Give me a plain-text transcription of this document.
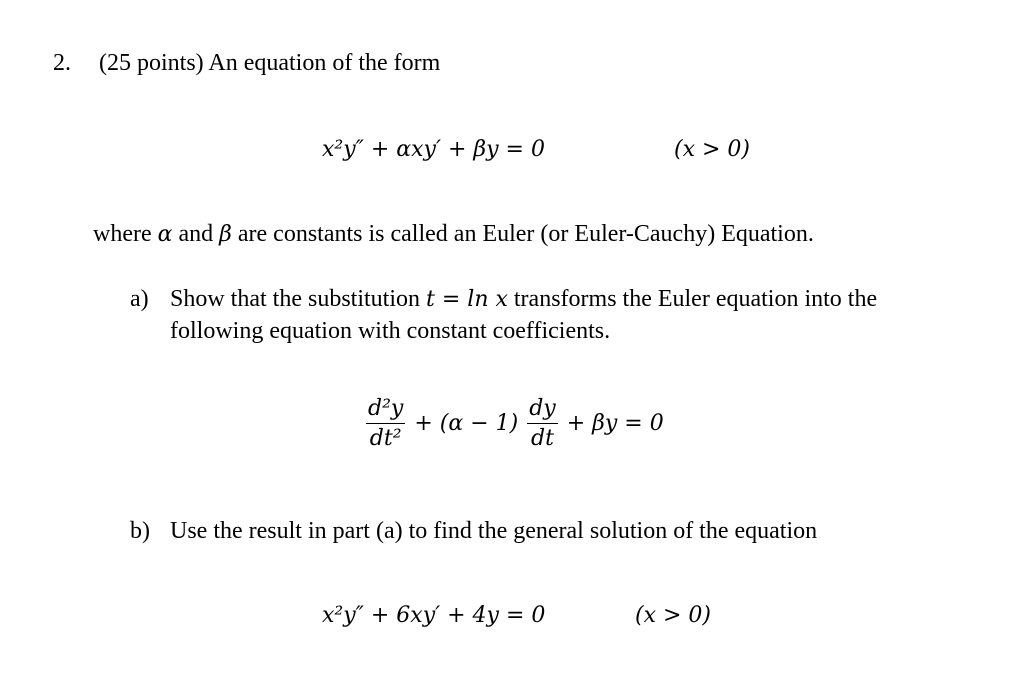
2. (25 points) An equation of the form
x²y″ + αxy′ + βy = 0	(x > 0)
where α and β are constants is called an Euler (or Euler-Cauchy) Equation.
a) Show that the substitution t = ln x transforms the Euler equation into the
following equation with constant coefficients.
$\frac{\text{d²y}}{\text{dt²}} + (\alpha - 1) \frac{dy}{dt} + \beta y = 0$
b) Use the result in part (a) to find the general solution of the equation
x²y″ + 6xy′ + 4y = 0	(x > 0)
